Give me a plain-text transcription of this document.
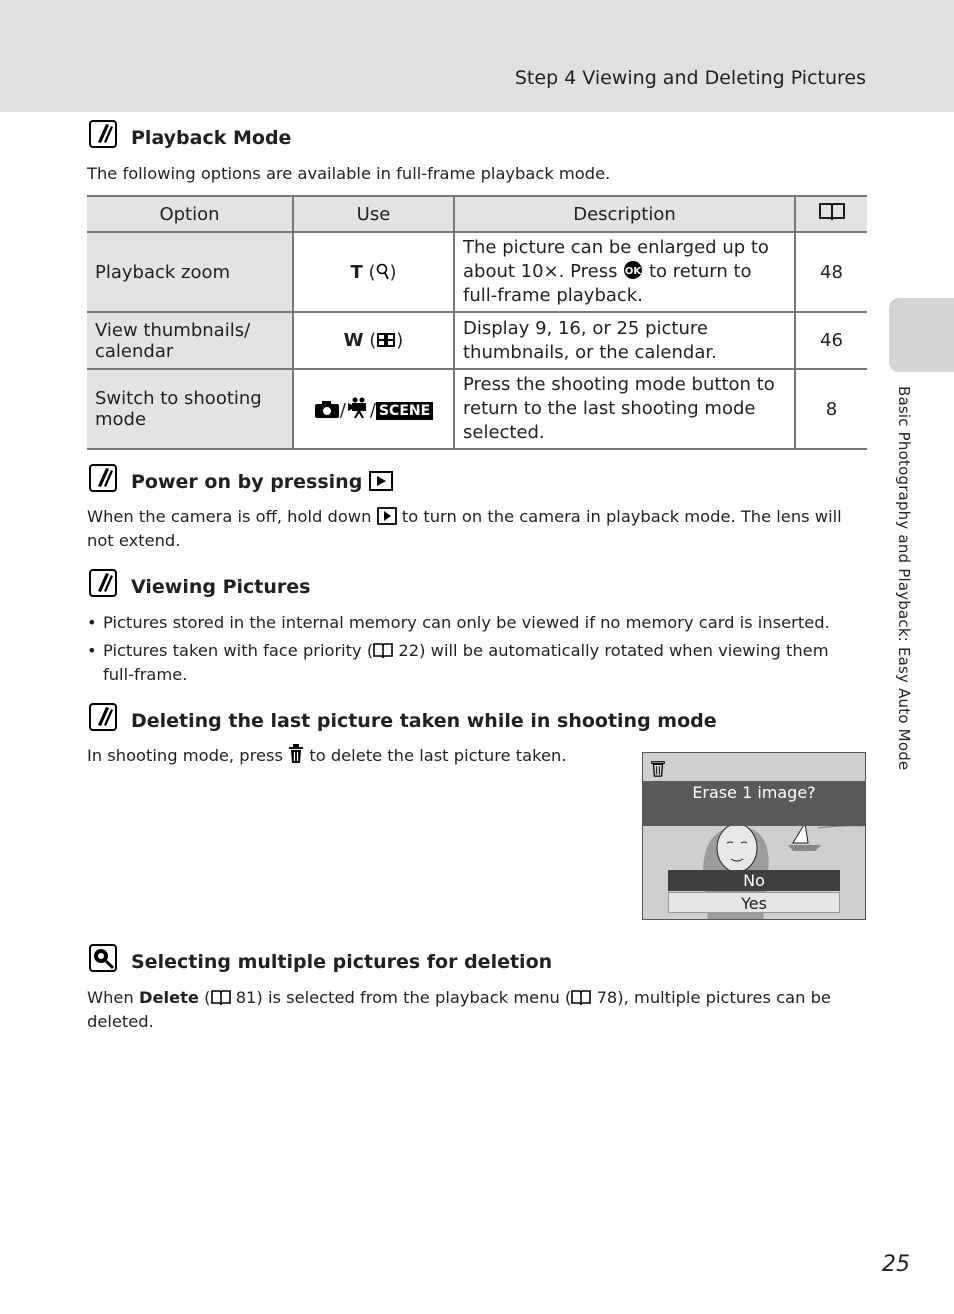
Step 4 Viewing and Deleting Pictures
Basic Photography and Playback: Easy Auto Mode
Playback Mode
The following options are available in full-frame playback mode.
Option	Use	Description	
Playback zoom	T ( )	The picture can be enlarged up to about 10×. Press OK to return to full-frame playback.	48
View thumbnails/ calendar	W ( )	Display 9, 16, or 25 picture thumbnails, or the calendar.	46
Switch to shooting mode	/ / SCENE	Press the shooting mode button to return to the last shooting mode selected.	8
Power on by pressing
When the camera is off, hold down to turn on the camera in playback mode. The lens will not extend.
Viewing Pictures
• Pictures stored in the internal memory can only be viewed if no memory card is inserted.
• Pictures taken with face priority ( 22) will be automatically rotated when viewing them full-frame.
Deleting the last picture taken while in shooting mode
In shooting mode, press to delete the last picture taken.
Erase 1 image?
No
Yes
Selecting multiple pictures for deletion
When Delete ( 81) is selected from the playback menu ( 78), multiple pictures can be deleted.
25
